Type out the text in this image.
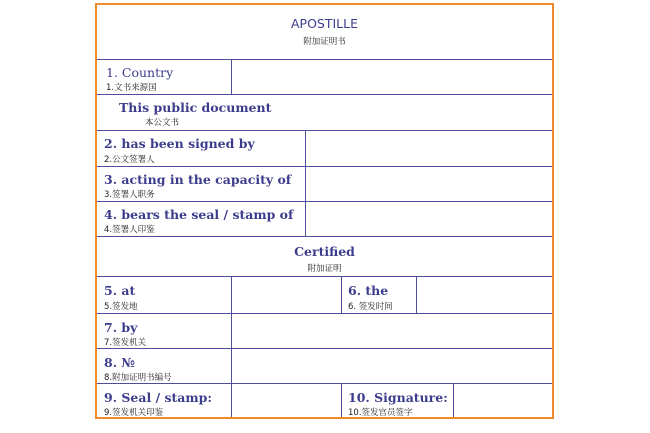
APOSTILLE
附加证明书
1. Country
1.文书来源国
This public document
本公文书
2. has been signed by
2.公文签署人
3. acting in the capacity of
3.签署人职务
4. bears the seal / stamp of
4.签署人印鉴
Certified
附加证明
5. at
5.签发地
6. the
6. 签发时间
7. by
7.签发机关
8. №
8.附加证明书编号
9. Seal / stamp:
9.签发机关印鉴
10. Signature:
10.签发官员签字
